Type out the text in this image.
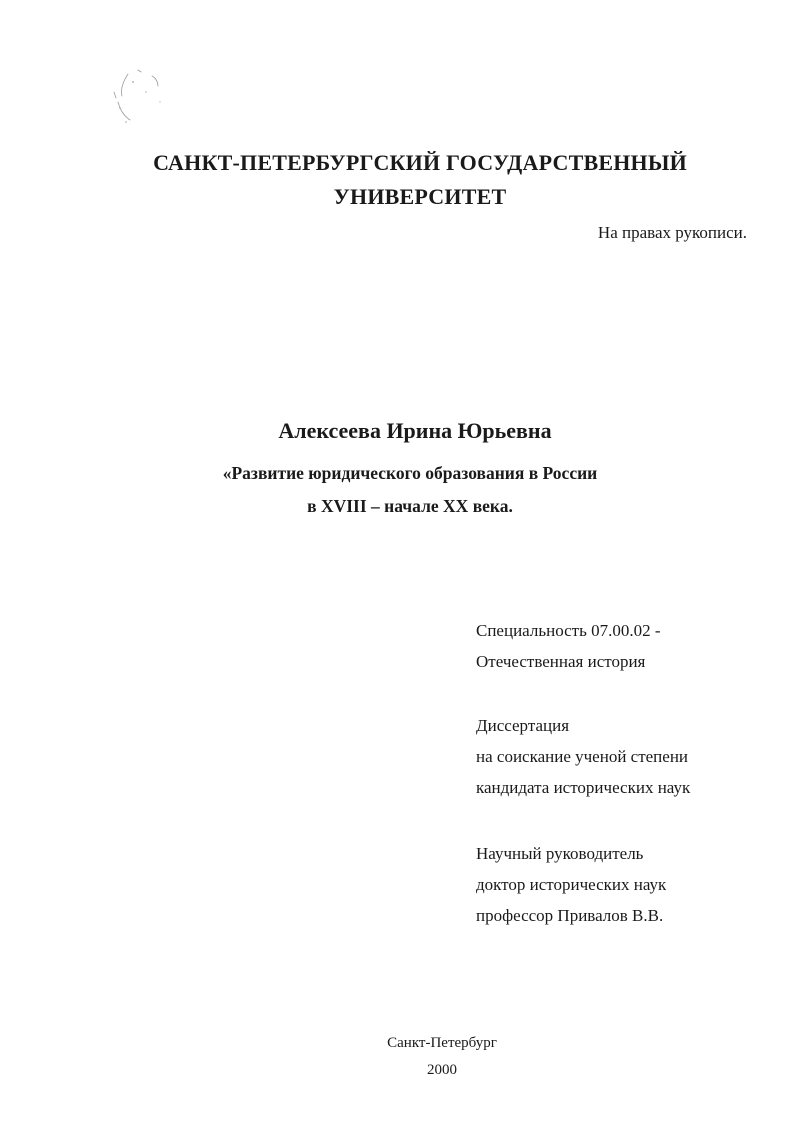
САНКТ-ПЕТЕРБУРГСКИЙ ГОСУДАРСТВЕННЫЙ
УНИВЕРСИТЕТ
На правах рукописи.
Алексеева Ирина Юрьевна
«Развитие юридического образования в России
в XVIII – начале XX века.
Специальность 07.00.02 -
Отечественная история
Диссертация
на соискание ученой степени
кандидата исторических наук
Научный руководитель
доктор исторических наук
профессор Привалов В.В.
Санкт-Петербург
2000
